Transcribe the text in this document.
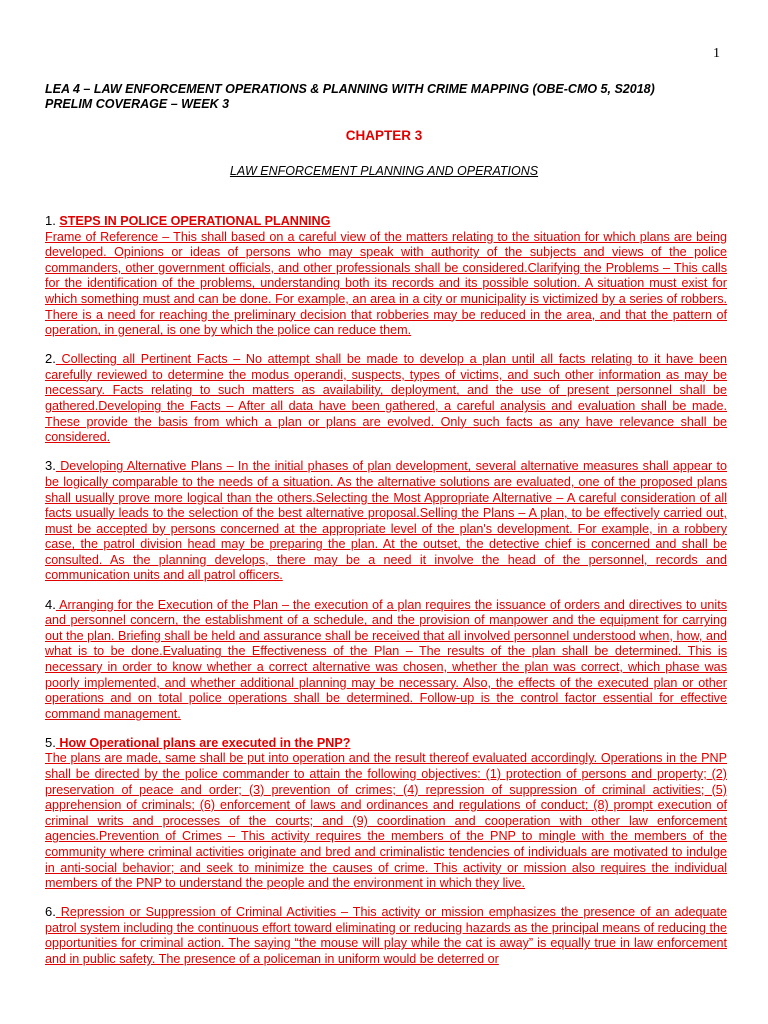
1
LEA 4 – LAW ENFORCEMENT OPERATIONS & PLANNING WITH CRIME MAPPING (OBE-CMO 5, S2018)
PRELIM COVERAGE – WEEK 3
CHAPTER 3
LAW ENFORCEMENT PLANNING AND OPERATIONS

1. STEPS IN POLICE OPERATIONAL PLANNING
Frame of Reference – This shall based on a careful view of the matters relating to the situation for which plans are being developed. Opinions or ideas of persons who may speak with authority of the subjects and views of the police commanders, other government officials, and other professionals shall be considered.Clarifying the Problems – This calls for the identification of the problems, understanding both its records and its possible solution. A situation must exist for which something must and can be done. For example, an area in a city or municipality is victimized by a series of robbers. There is a need for reaching the preliminary decision that robberies may be reduced in the area, and that the pattern of operation, in general, is one by which the police can reduce them.

2. Collecting all Pertinent Facts – No attempt shall be made to develop a plan until all facts relating to it have been carefully reviewed to determine the modus operandi, suspects, types of victims, and such other information as may be necessary. Facts relating to such matters as availability, deployment, and the use of present personnel shall be gathered.Developing the Facts – After all data have been gathered, a careful analysis and evaluation shall be made. These provide the basis from which a plan or plans are evolved. Only such facts as any have relevance shall be considered.

3. Developing Alternative Plans – In the initial phases of plan development, several alternative measures shall appear to be logically comparable to the needs of a situation. As the alternative solutions are evaluated, one of the proposed plans shall usually prove more logical than the others.Selecting the Most Appropriate Alternative – A careful consideration of all facts usually leads to the selection of the best alternative proposal.Selling the Plans – A plan, to be effectively carried out, must be accepted by persons concerned at the appropriate level of the plan's development. For example, in a robbery case, the patrol division head may be preparing the plan. At the outset, the detective chief is concerned and shall be consulted. As the planning develops, there may be a need it involve the head of the personnel, records and communication units and all patrol officers.

4. Arranging for the Execution of the Plan – the execution of a plan requires the issuance of orders and directives to units and personnel concern, the establishment of a schedule, and the provision of manpower and the equipment for carrying out the plan. Briefing shall be held and assurance shall be received that all involved personnel understood when, how, and what is to be done.Evaluating the Effectiveness of the Plan – The results of the plan shall be determined. This is necessary in order to know whether a correct alternative was chosen, whether the plan was correct, which phase was poorly implemented, and whether additional planning may be necessary. Also, the effects of the executed plan or other operations and on total police operations shall be determined. Follow-up is the control factor essential for effective command management.

5. How Operational plans are executed in the PNP?
The plans are made, same shall be put into operation and the result thereof evaluated accordingly. Operations in the PNP shall be directed by the police commander to attain the following objectives: (1) protection of persons and property; (2) preservation of peace and order; (3) prevention of crimes; (4) repression of suppression of criminal activities; (5) apprehension of criminals; (6) enforcement of laws and ordinances and regulations of conduct; (8) prompt execution of criminal writs and processes of the courts; and (9) coordination and cooperation with other law enforcement agencies.Prevention of Crimes – This activity requires the members of the PNP to mingle with the members of the community where criminal activities originate and bred and criminalistic tendencies of individuals are motivated to indulge in anti-social behavior; and seek to minimize the causes of crime. This activity or mission also requires the individual members of the PNP to understand the people and the environment in which they live.

6. Repression or Suppression of Criminal Activities – This activity or mission emphasizes the presence of an adequate patrol system including the continuous effort toward eliminating or reducing hazards as the principal means of reducing the opportunities for criminal action. The saying “the mouse will play while the cat is away” is equally true in law enforcement and in public safety. The presence of a policeman in uniform would be deterred or
